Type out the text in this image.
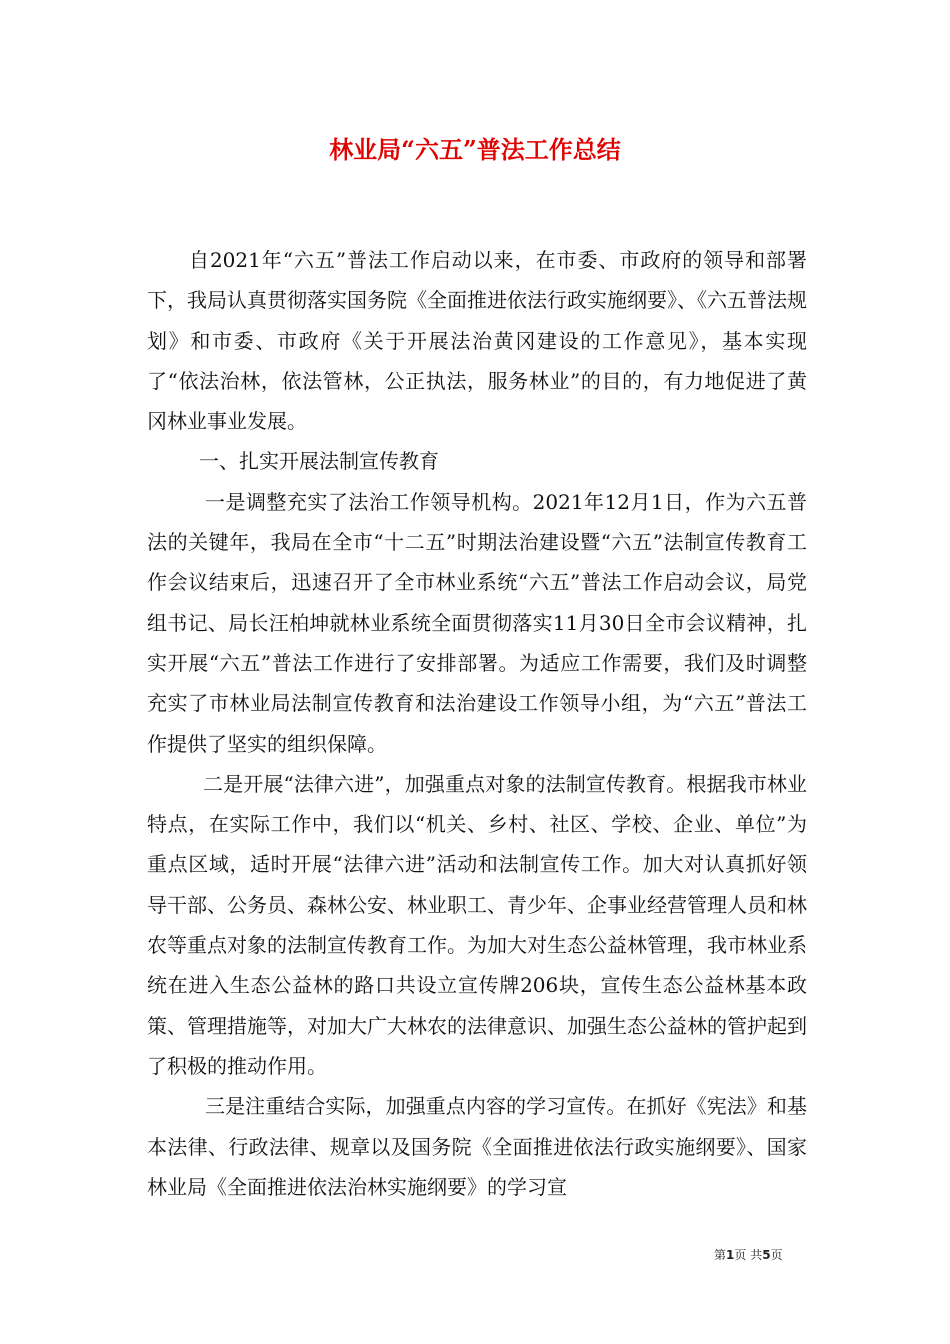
林业局“六五”普法工作总结

自2021年“六五”普法工作启动以来，在市委、市政府的领导和部署下，我局认真贯彻落实国务院《全面推进依法行政实施纲要》、《六五普法规划》和市委、市政府《关于开展法治黄冈建设的工作意见》，基本实现了“依法治林，依法管林，公正执法，服务林业”的目的，有力地促进了黄冈林业事业发展。

一、扎实开展法制宣传教育

一是调整充实了法治工作领导机构。2021年12月1日，作为六五普法的关键年，我局在全市“十二五”时期法治建设暨“六五”法制宣传教育工作会议结束后，迅速召开了全市林业系统“六五”普法工作启动会议，局党组书记、局长汪柏坤就林业系统全面贯彻落实11月30日全市会议精神，扎实开展“六五”普法工作进行了安排部署。为适应工作需要，我们及时调整充实了市林业局法制宣传教育和法治建设工作领导小组，为“六五”普法工作提供了坚实的组织保障。

二是开展“法律六进”，加强重点对象的法制宣传教育。根据我市林业特点，在实际工作中，我们以“机关、乡村、社区、学校、企业、单位”为重点区域，适时开展“法律六进”活动和法制宣传工作。加大对认真抓好领导干部、公务员、森林公安、林业职工、青少年、企事业经营管理人员和林农等重点对象的法制宣传教育工作。为加大对生态公益林管理，我市林业系统在进入生态公益林的路口共设立宣传牌206块，宣传生态公益林基本政策、管理措施等，对加大广大林农的法律意识、加强生态公益林的管护起到了积极的推动作用。

三是注重结合实际，加强重点内容的学习宣传。在抓好《宪法》和基本法律、行政法律、规章以及国务院《全面推进依法行政实施纲要》、国家林业局《全面推进依法治林实施纲要》的学习宣

第1页 共5页
